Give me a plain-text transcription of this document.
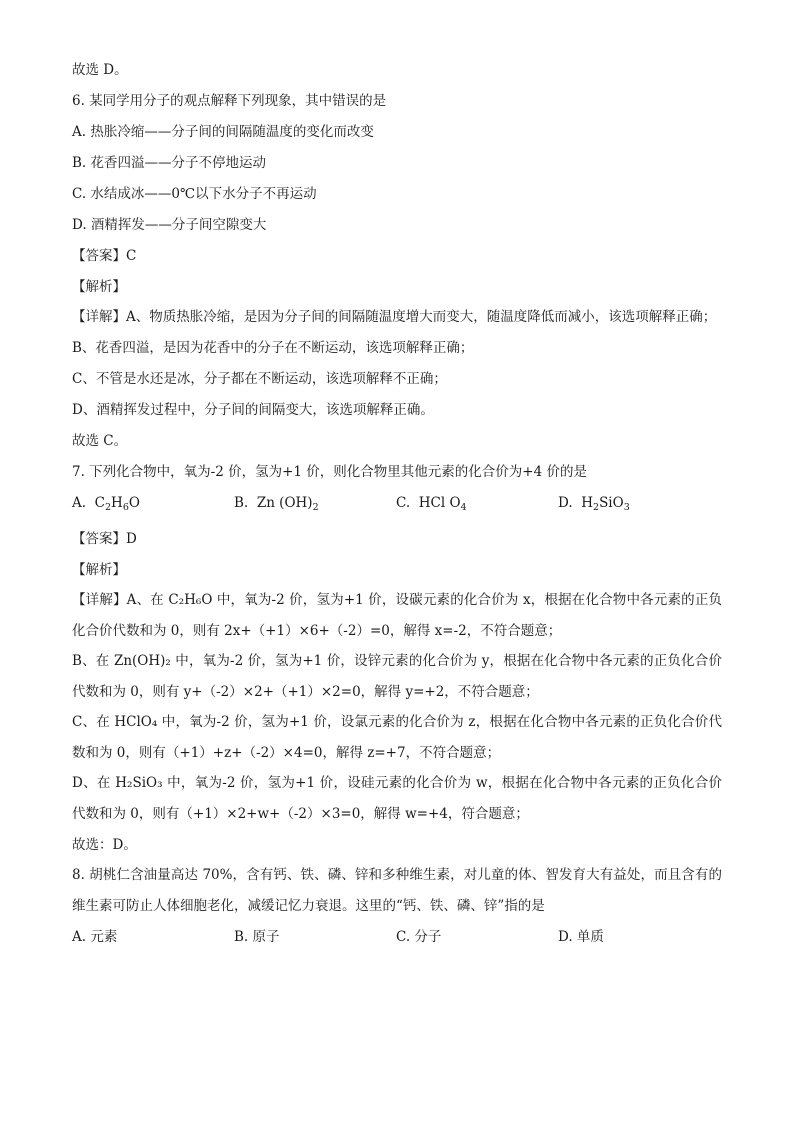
故选 D。
6. 某同学用分子的观点解释下列现象，其中错误的是
A. 热胀冷缩——分子间的间隔随温度的变化而改变
B. 花香四溢——分子不停地运动
C. 水结成冰——0℃以下水分子不再运动
D. 酒精挥发——分子间空隙变大
【答案】C
【解析】
【详解】A、物质热胀冷缩，是因为分子间的间隔随温度增大而变大，随温度降低而减小，该选项解释正确；
B、花香四溢，是因为花香中的分子在不断运动，该选项解释正确；
C、不管是水还是冰，分子都在不断运动，该选项解释不正确；
D、酒精挥发过程中，分子间的间隔变大，该选项解释正确。
故选 C。
7. 下列化合物中，氧为-2 价，氢为+1 价，则化合物里其他元素的化合价为+4 价的是
A. $C_2H_6O$	B. Zn $(OH)_2$	C. HCl $O_4$	D. $H_2SiO_3$
【答案】D
【解析】
【详解】A、在 C₂H₆O 中，氧为-2 价，氢为+1 价，设碳元素的化合价为 x，根据在化合物中各元素的正负化合价代数和为 0，则有 2x+（+1）×6+（-2）=0，解得 x=-2，不符合题意；
B、在 Zn(OH)₂ 中，氧为-2 价，氢为+1 价，设锌元素的化合价为 y，根据在化合物中各元素的正负化合价代数和为 0，则有 y+（-2）×2+（+1）×2=0，解得 y=+2，不符合题意；
C、在 HClO₄ 中，氧为-2 价，氢为+1 价，设氯元素的化合价为 z，根据在化合物中各元素的正负化合价代数和为 0，则有（+1）+z+（-2）×4=0，解得 z=+7，不符合题意；
D、在 H₂SiO₃ 中，氧为-2 价，氢为+1 价，设硅元素的化合价为 w，根据在化合物中各元素的正负化合价代数和为 0，则有（+1）×2+w+（-2）×3=0，解得 w=+4，符合题意；
故选：D。
8. 胡桃仁含油量高达 70%，含有钙、铁、磷、锌和多种维生素，对儿童的体、智发育大有益处，而且含有的维生素可防止人体细胞老化，减缓记忆力衰退。这里的“钙、铁、磷、锌”指的是
A. 元素	B. 原子	C. 分子	D. 单质
